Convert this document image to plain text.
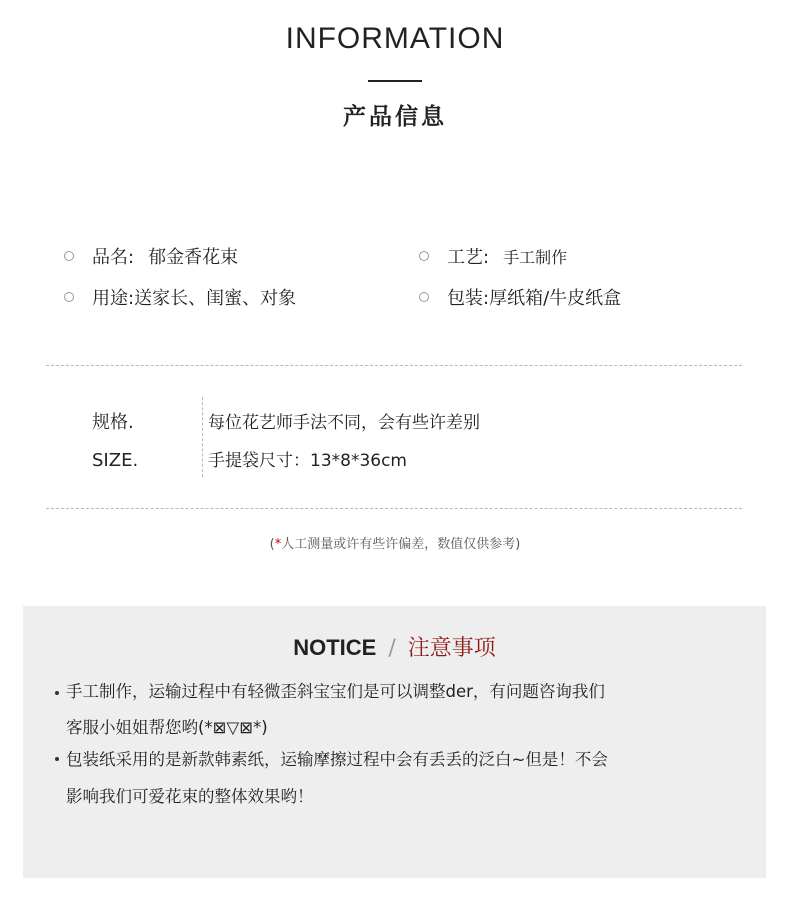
INFORMATION
产品信息
品名: 郁金香花束	工艺: 手工制作
用途: 送家长、闺蜜、对象	包装: 厚纸箱/牛皮纸盒
规格.
SIZE.
每位花艺师手法不同，会有些许差别
手提袋尺寸：13*8*36cm
(*人工测量或许有些许偏差，数值仅供参考)
NOTICE / 注意事项
手工制作，运输过程中有轻微歪斜宝宝们是可以调整der，有问题咨询我们
客服小姐姐帮您哟(*⊠▽⊠*)
包装纸采用的是新款韩素纸，运输摩擦过程中会有丢丢的泛白~但是！不会
影响我们可爱花束的整体效果哟！
